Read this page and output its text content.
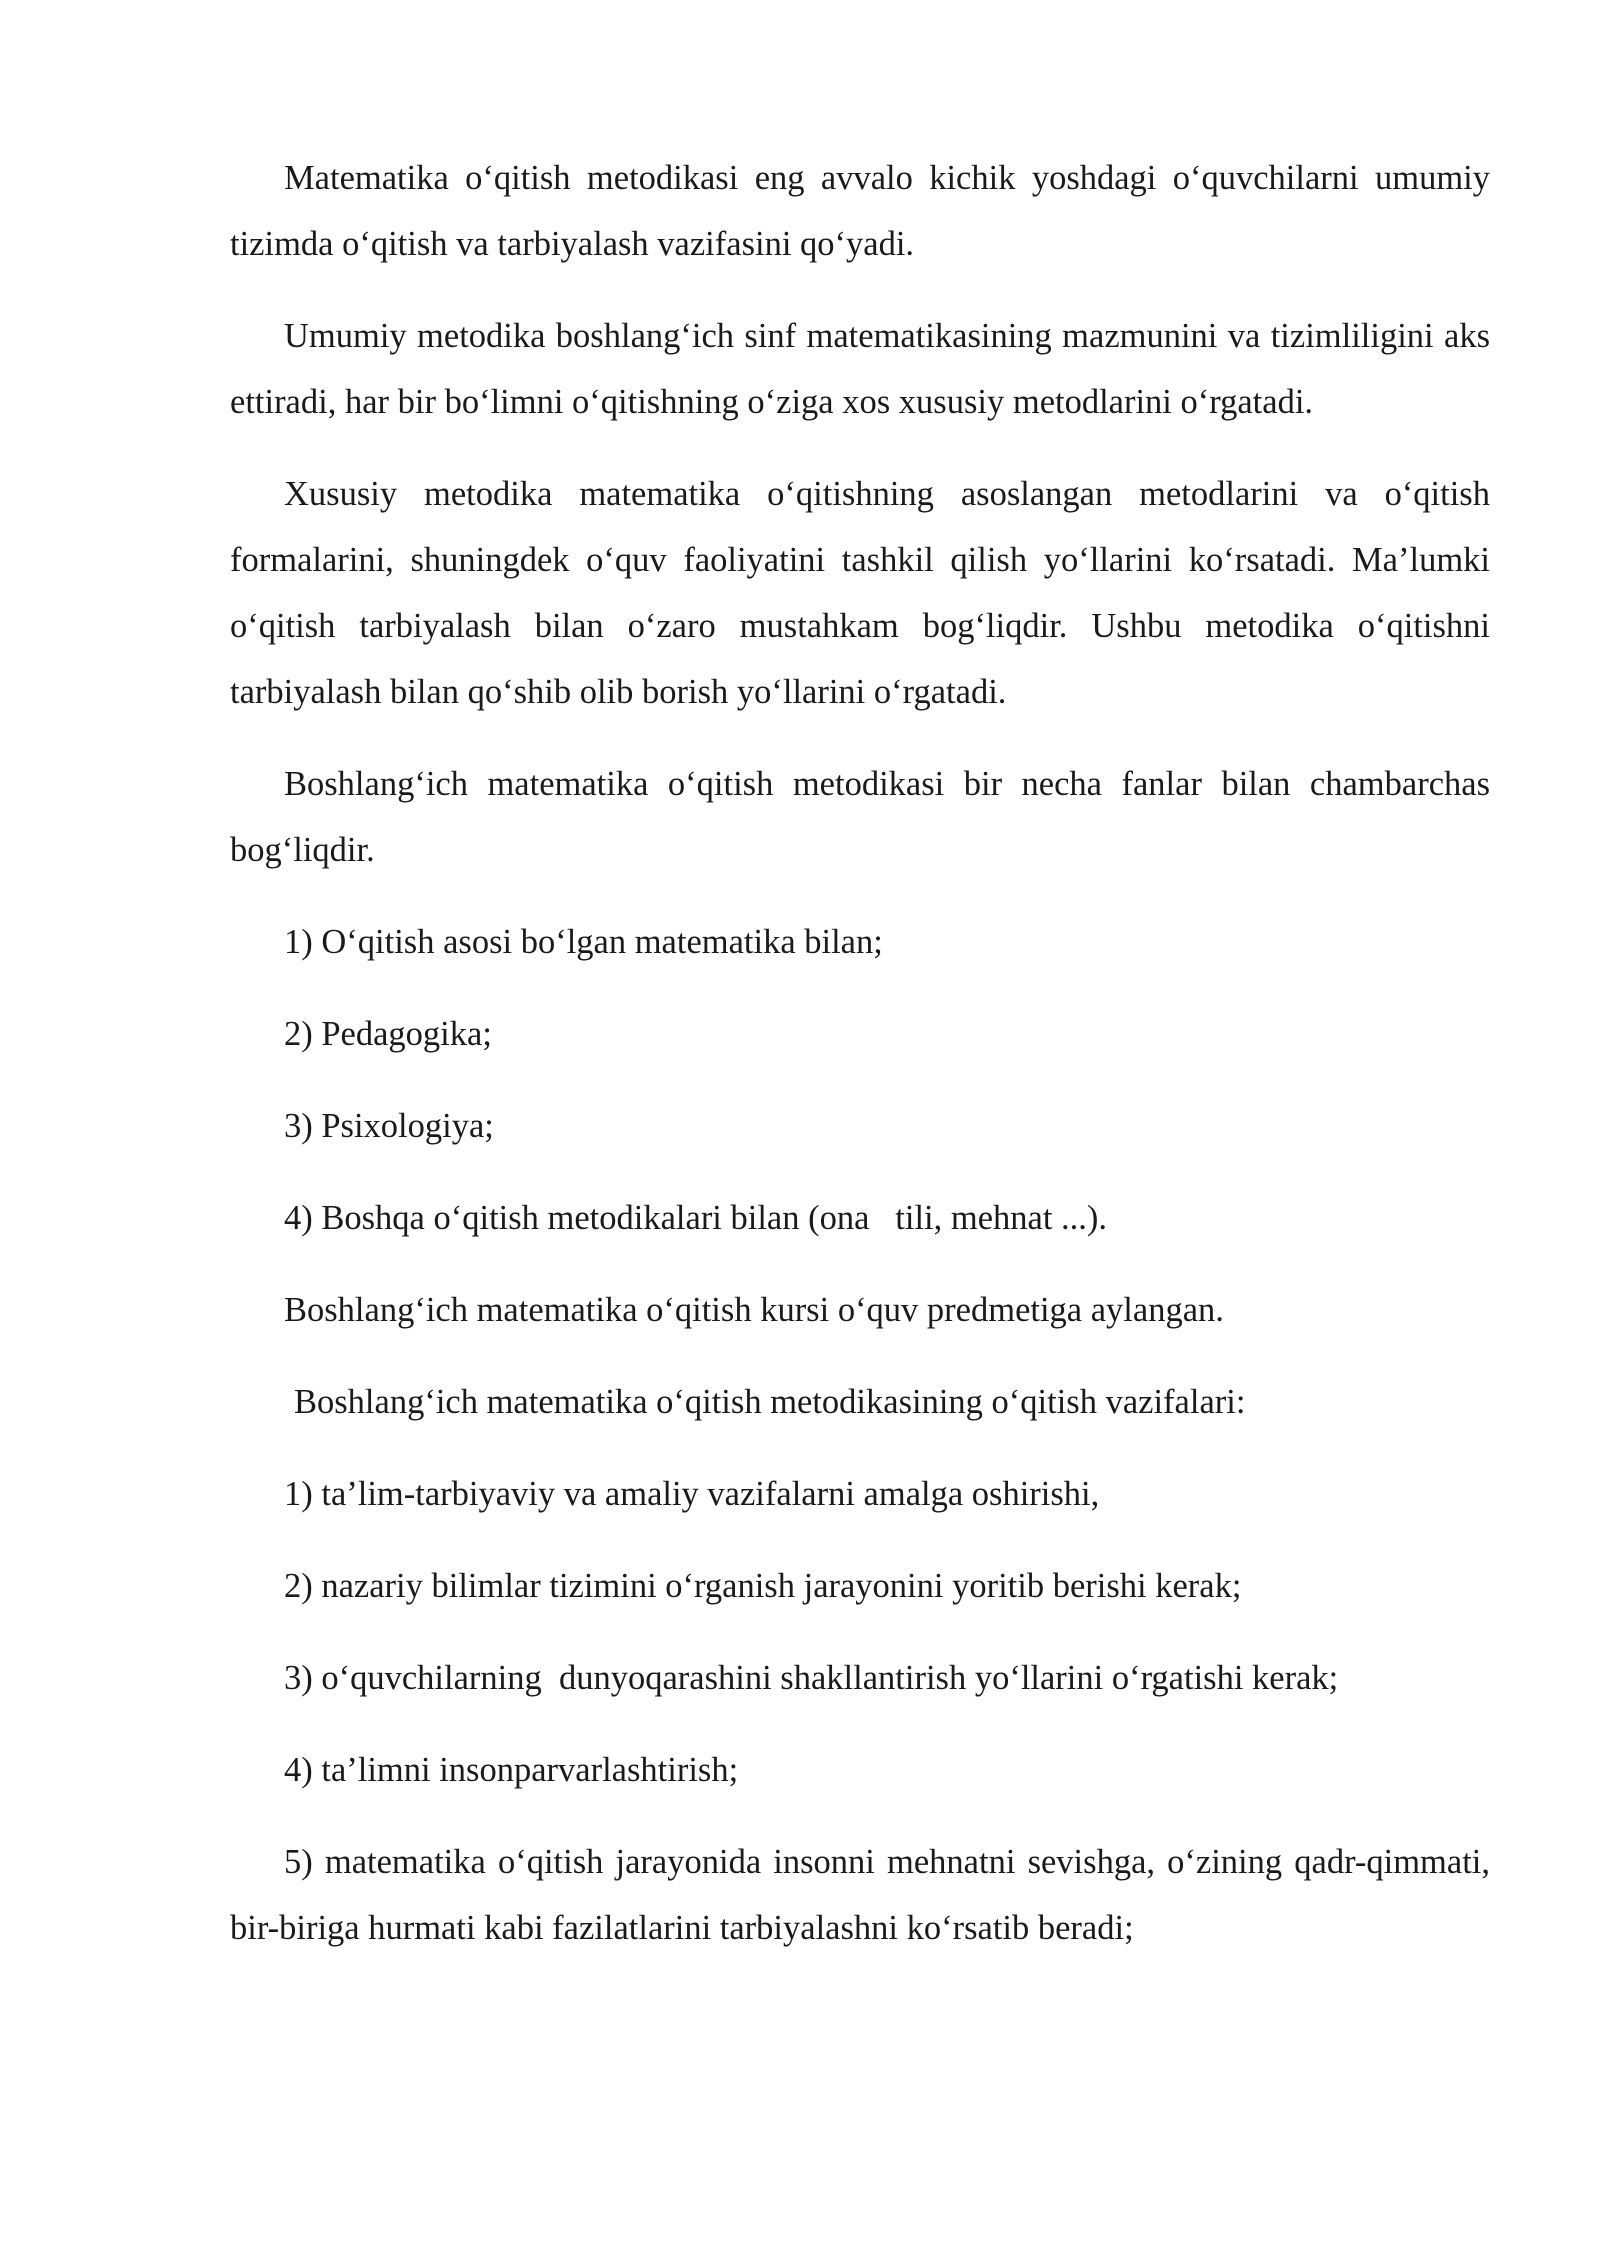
Matematika o‘qitish metodikasi eng avvalo kichik yoshdagi o‘quvchilarni umumiy tizimda o‘qitish va tarbiyalash vazifasini qo‘yadi.

Umumiy metodika boshlang‘ich sinf matematikasining mazmunini va tizimliligini aks ettiradi, har bir bo‘limni o‘qitishning o‘ziga xos xususiy metodlarini o‘rgatadi.

Xususiy metodika matematika o‘qitishning asoslangan metodlarini va o‘qitish formalarini, shuningdek o‘quv faoliyatini tashkil qilish yo‘llarini ko‘rsatadi. Ma’lumki o‘qitish tarbiyalash bilan o‘zaro mustahkam bog‘liqdir. Ushbu metodika o‘qitishni tarbiyalash bilan qo‘shib olib borish yo‘llarini o‘rgatadi.

Boshlang‘ich matematika o‘qitish metodikasi bir necha fanlar bilan chambarchas bog‘liqdir.

1) O‘qitish asosi bo‘lgan matematika bilan;

2) Pedagogika;

3) Psixologiya;

4) Boshqa o‘qitish metodikalari bilan (ona   tili, mehnat ...).

Boshlang‘ich matematika o‘qitish kursi o‘quv predmetiga aylangan.

Boshlang‘ich matematika o‘qitish metodikasining o‘qitish vazifalari:

1) ta’lim-tarbiyaviy va amaliy vazifalarni amalga oshirishi,

2) nazariy bilimlar tizimini o‘rganish jarayonini yoritib berishi kerak;

3) o‘quvchilarning  dunyoqarashini shakllantirish yo‘llarini o‘rgatishi kerak;

4) ta’limni insonparvarlashtirish;

5) matematika o‘qitish jarayonida insonni mehnatni sevishga, o‘zining qadr-qimmati, bir-biriga hurmati kabi fazilatlarini tarbiyalashni ko‘rsatib beradi;
